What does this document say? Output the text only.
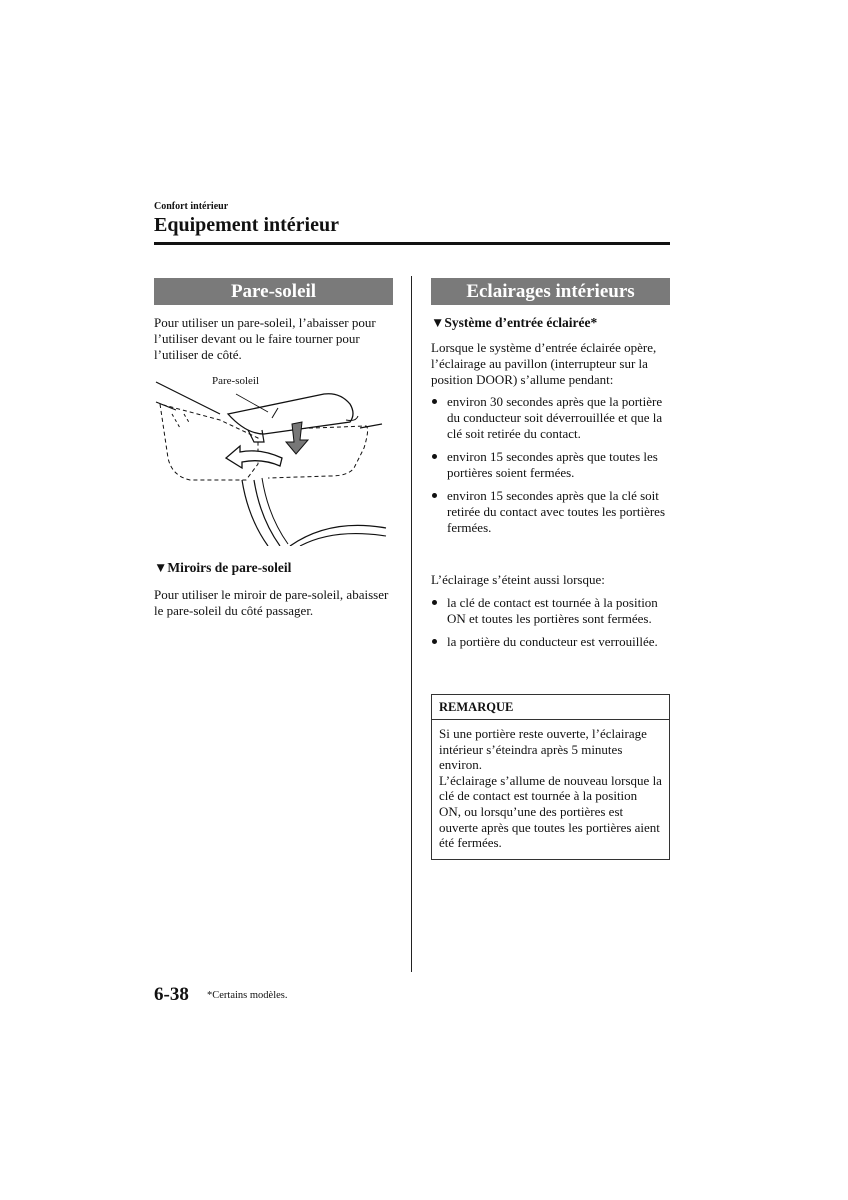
Confort intérieur
Equipement intérieur
Pare-soleil
Pour utiliser un pare-soleil, l’abaisser pour l’utiliser devant ou le faire tourner pour l’utiliser de côté.
Pare-soleil
▼Miroirs de pare-soleil
Pour utiliser le miroir de pare-soleil, abaisser le pare-soleil du côté passager.
Eclairages intérieurs
▼Système d’entrée éclairée*
Lorsque le système d’entrée éclairée opère, l’éclairage au pavillon (interrupteur sur la position DOOR) s’allume pendant:
environ 30 secondes après que la portière du conducteur soit déverrouillée et que la clé soit retirée du contact.
environ 15 secondes après que toutes les portières soient fermées.
environ 15 secondes après que la clé soit retirée du contact avec toutes les portières fermées.
L’éclairage s’éteint aussi lorsque:
la clé de contact est tournée à la position ON et toutes les portières sont fermées.
la portière du conducteur est verrouillée.
REMARQUE
Si une portière reste ouverte, l’éclairage intérieur s’éteindra après 5 minutes environ.
L’éclairage s’allume de nouveau lorsque la clé de contact est tournée à la position ON, ou lorsqu’une des portières est ouverte après que toutes les portières aient été fermées.
6-38 *Certains modèles.
